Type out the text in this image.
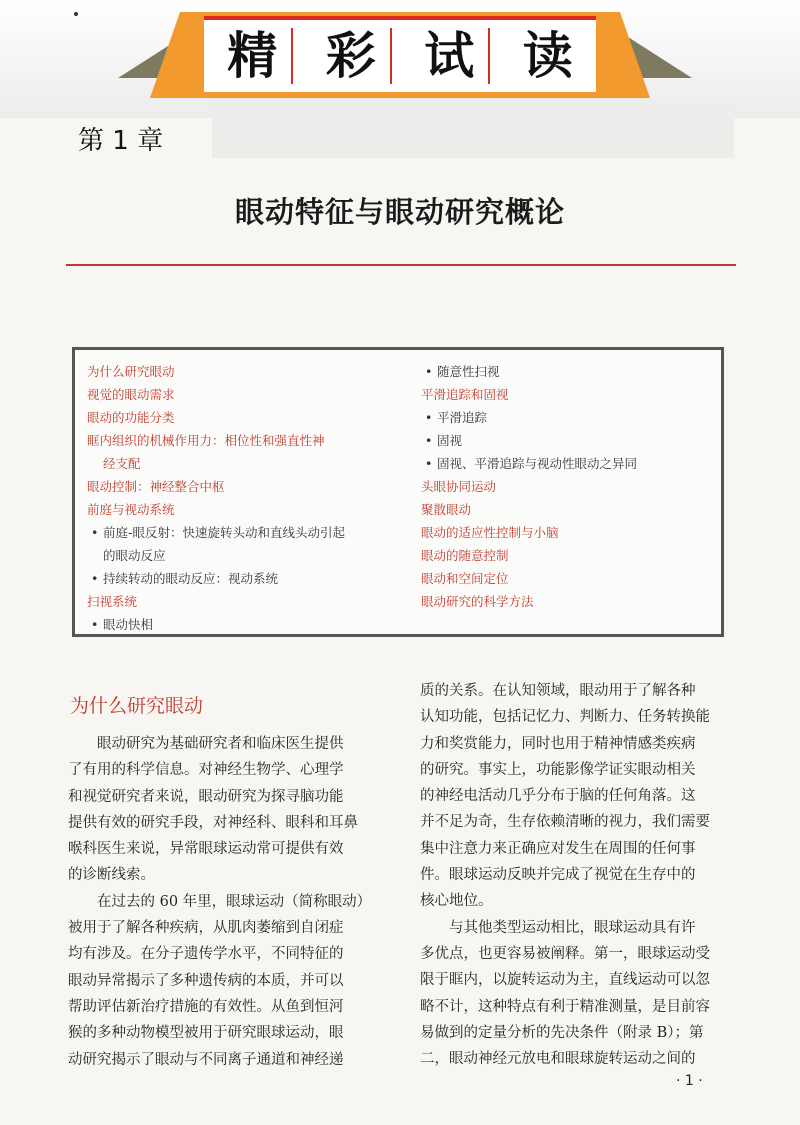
精 彩 试 读
第 1 章
眼动特征与眼动研究概论
为什么研究眼动
视觉的眼动需求
眼动的功能分类
眶内组织的机械作用力：相位性和强直性神
经支配
眼动控制：神经整合中枢
前庭与视动系统
• 前庭-眼反射：快速旋转头动和直线头动引起
的眼动反应
• 持续转动的眼动反应：视动系统
扫视系统
• 眼动快相
• 随意性扫视
平滑追踪和固视
• 平滑追踪
• 固视
• 固视、平滑追踪与视动性眼动之异同
头眼协同运动
聚散眼动
眼动的适应性控制与小脑
眼动的随意控制
眼动和空间定位
眼动研究的科学方法
为什么研究眼动
　　眼动研究为基础研究者和临床医生提供
了有用的科学信息。对神经生物学、心理学
和视觉研究者来说，眼动研究为探寻脑功能
提供有效的研究手段，对神经科、眼科和耳鼻
喉科医生来说，异常眼球运动常可提供有效
的诊断线索。
　　在过去的 60 年里，眼球运动（简称眼动）
被用于了解各种疾病，从肌肉萎缩到自闭症
均有涉及。在分子遗传学水平，不同特征的
眼动异常揭示了多种遗传病的本质，并可以
帮助评估新治疗措施的有效性。从鱼到恒河
猴的多种动物模型被用于研究眼球运动，眼
动研究揭示了眼动与不同离子通道和神经递
质的关系。在认知领域，眼动用于了解各种
认知功能，包括记忆力、判断力、任务转换能
力和奖赏能力，同时也用于精神情感类疾病
的研究。事实上，功能影像学证实眼动相关
的神经电活动几乎分布于脑的任何角落。这
并不足为奇，生存依赖清晰的视力，我们需要
集中注意力来正确应对发生在周围的任何事
件。眼球运动反映并完成了视觉在生存中的
核心地位。
　　与其他类型运动相比，眼球运动具有许
多优点，也更容易被阐释。第一，眼球运动受
限于眶内，以旋转运动为主，直线运动可以忽
略不计，这种特点有利于精准测量，是目前容
易做到的定量分析的先决条件（附录 B）；第
二，眼动神经元放电和眼球旋转运动之间的
· 1 ·
